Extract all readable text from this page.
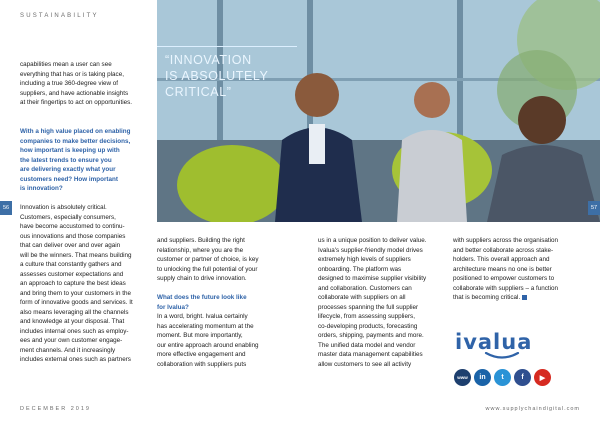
SUSTAINABILITY
“INNOVATION
IS ABSOLUTELY
CRITICAL”
capabilities mean a user can see
everything that has or is taking place,
including a true 360-degree view of
suppliers, and have actionable insights
at their fingertips to act on opportunities.
With a high value placed on enabling
companies to make better decisions,
how important is keeping up with
the latest trends to ensure you
are delivering exactly what your
customers need? How important
is innovation?
Innovation is absolutely critical.
Customers, especially consumers,
have become accustomed to continu-
ous innovations and those companies
that can deliver over and over again
will be the winners. That means building
a culture that constantly gathers and
assesses customer expectations and
an approach to capture the best ideas
and bring them to your customers in the
form of innovative goods and services. It
also means leveraging all the channels
and knowledge at your disposal. That
includes internal ones such as employ-
ees and your own customer engage-
ment channels. And it increasingly
includes external ones such as partners
and suppliers. Building the right
relationship, where you are the
customer or partner of choice, is key
to unlocking the full potential of your
supply chain to drive innovation.
What does the future look like
for Ivalua?
In a word, bright. Ivalua certainly
has accelerating momentum at the
moment. But more importantly,
our entire approach around enabling
more effective engagement and
collaboration with suppliers puts
us in a unique position to deliver value.
Ivalua's supplier-friendly model drives
extremely high levels of suppliers
onboarding. The platform was
designed to maximise supplier visibility
and collaboration. Customers can
collaborate with suppliers on all
processes spanning the full supplier
lifecycle, from assessing suppliers,
co-developing products, forecasting
orders, shipping, payments and more.
The unified data model and vendor
master data management capabilities
allow customers to see all activity
with suppliers across the organisation
and better collaborate across stake-
holders. This overall approach and
architecture means no one is better
positioned to empower customers to
collaborate with suppliers – a function
that is becoming critical.
ivalua
www	in	t	f	▶
56	57
DECEMBER 2019	www.supplychaindigital.com
